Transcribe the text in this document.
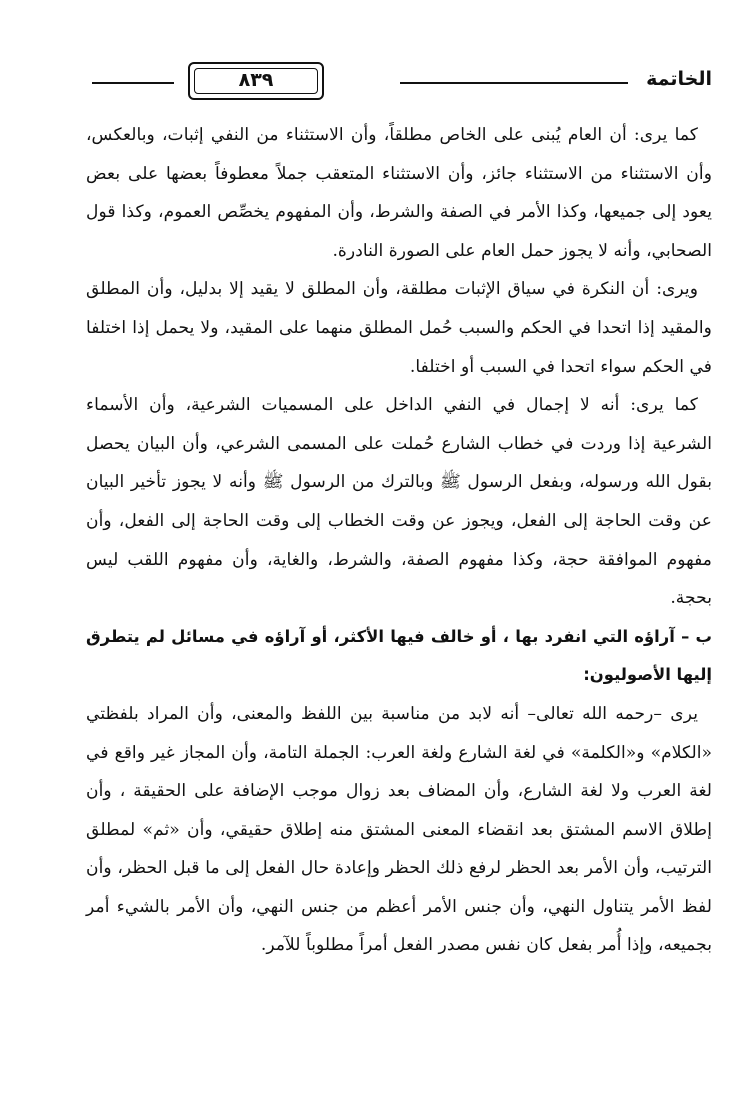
الخاتمة
٨٣٩

كما يرى: أن العام يُبنى على الخاص مطلقاً، وأن الاستثناء من النفي إثبات، وبالعكس، وأن الاستثناء من الاستثناء جائز، وأن الاستثناء المتعقب جملاً معطوفاً بعضها على بعض يعود إلى جميعها، وكذا الأمر في الصفة والشرط، وأن المفهوم يخصِّص العموم، وكذا قول الصحابي، وأنه لا يجوز حمل العام على الصورة النادرة.

ويرى: أن النكرة في سياق الإثبات مطلقة، وأن المطلق لا يقيد إلا بدليل، وأن المطلق والمقيد إذا اتحدا في الحكم والسبب حُمل المطلق منهما على المقيد، ولا يحمل إذا اختلفا في الحكم سواء اتحدا في السبب أو اختلفا.

كما يرى: أنه لا إجمال في النفي الداخل على المسميات الشرعية، وأن الأسماء الشرعية إذا وردت في خطاب الشارع حُملت على المسمى الشرعي، وأن البيان يحصل بقول الله ورسوله، وبفعل الرسول ﷺ وبالترك من الرسول ﷺ وأنه لا يجوز تأخير البيان عن وقت الحاجة إلى الفعل، ويجوز عن وقت الخطاب إلى وقت الحاجة إلى الفعل، وأن مفهوم الموافقة حجة، وكذا مفهوم الصفة، والشرط، والغاية، وأن مفهوم اللقب ليس بحجة.

ب – آراؤه التي انفرد بها ، أو خالف فيها الأكثر، أو آراؤه في مسائل لم يتطرق إليها الأصوليون:

يرى –رحمه الله تعالى– أنه لابد من مناسبة بين اللفظ والمعنى، وأن المراد بلفظتي «الكلام» و«الكلمة» في لغة الشارع ولغة العرب: الجملة التامة، وأن المجاز غير واقع في لغة العرب ولا لغة الشارع، وأن المضاف بعد زوال موجب الإضافة على الحقيقة ، وأن إطلاق الاسم المشتق بعد انقضاء المعنى المشتق منه إطلاق حقيقي، وأن «ثم» لمطلق الترتيب، وأن الأمر بعد الحظر لرفع ذلك الحظر وإعادة حال الفعل إلى ما قبل الحظر، وأن لفظ الأمر يتناول النهي، وأن جنس الأمر أعظم من جنس النهي، وأن الأمر بالشيء أمر بجميعه، وإذا أُمر بفعل كان نفس مصدر الفعل أمراً مطلوباً للآمر.
